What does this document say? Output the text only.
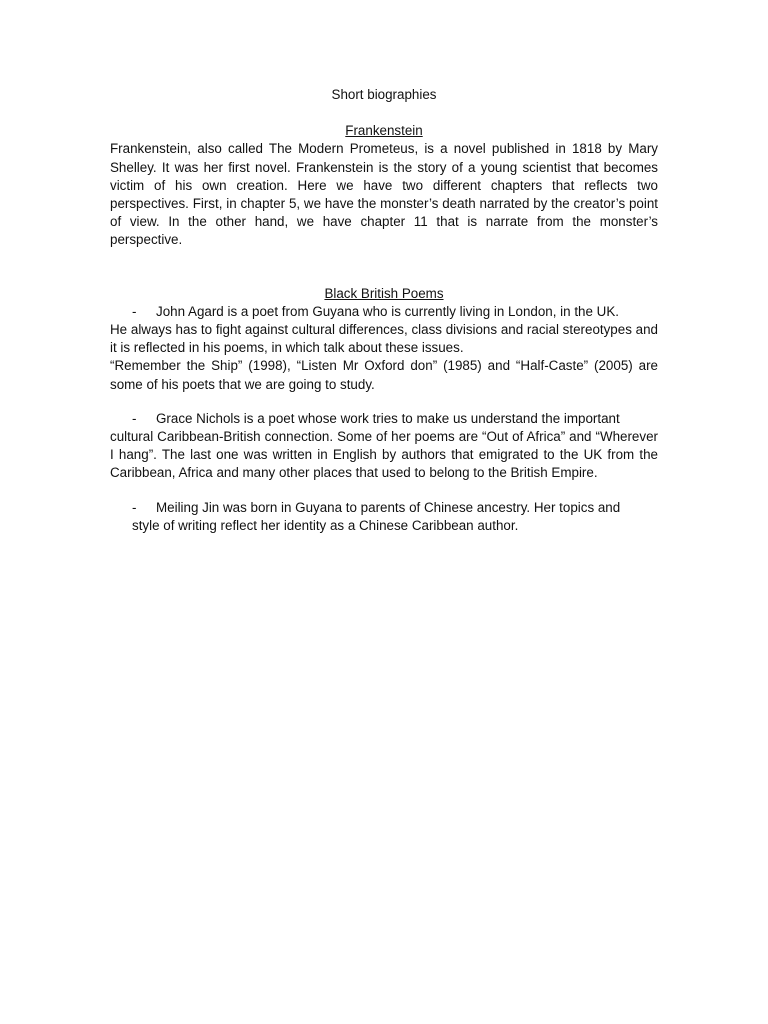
Short biographies

Frankenstein

Frankenstein, also called The Modern Prometeus, is a novel published in 1818 by Mary Shelley. It was her first novel. Frankenstein is the story of a young scientist that becomes victim of his own creation. Here we have two different chapters that reflects two perspectives. First, in chapter 5, we have the monster’s death narrated by the creator’s point of view. In the other hand, we have chapter 11 that is narrate from the monster’s perspective.

Black British Poems

- John Agard is a poet from Guyana who is currently living in London, in the UK.

He always has to fight against cultural differences, class divisions and racial stereotypes and it is reflected in his poems, in which talk about these issues.

“Remember the Ship” (1998), “Listen Mr Oxford don” (1985) and “Half-Caste” (2005) are some of his poets that we are going to study.

- Grace Nichols is a poet whose work tries to make us understand the important

cultural Caribbean-British connection. Some of her poems are “Out of Africa” and “Wherever I hang”. The last one was written in English by authors that emigrated to the UK from the Caribbean, Africa and many other places that used to belong to the British Empire.

- Meiling Jin was born in Guyana to parents of Chinese ancestry. Her topics and

style of writing reflect her identity as a Chinese Caribbean author.
